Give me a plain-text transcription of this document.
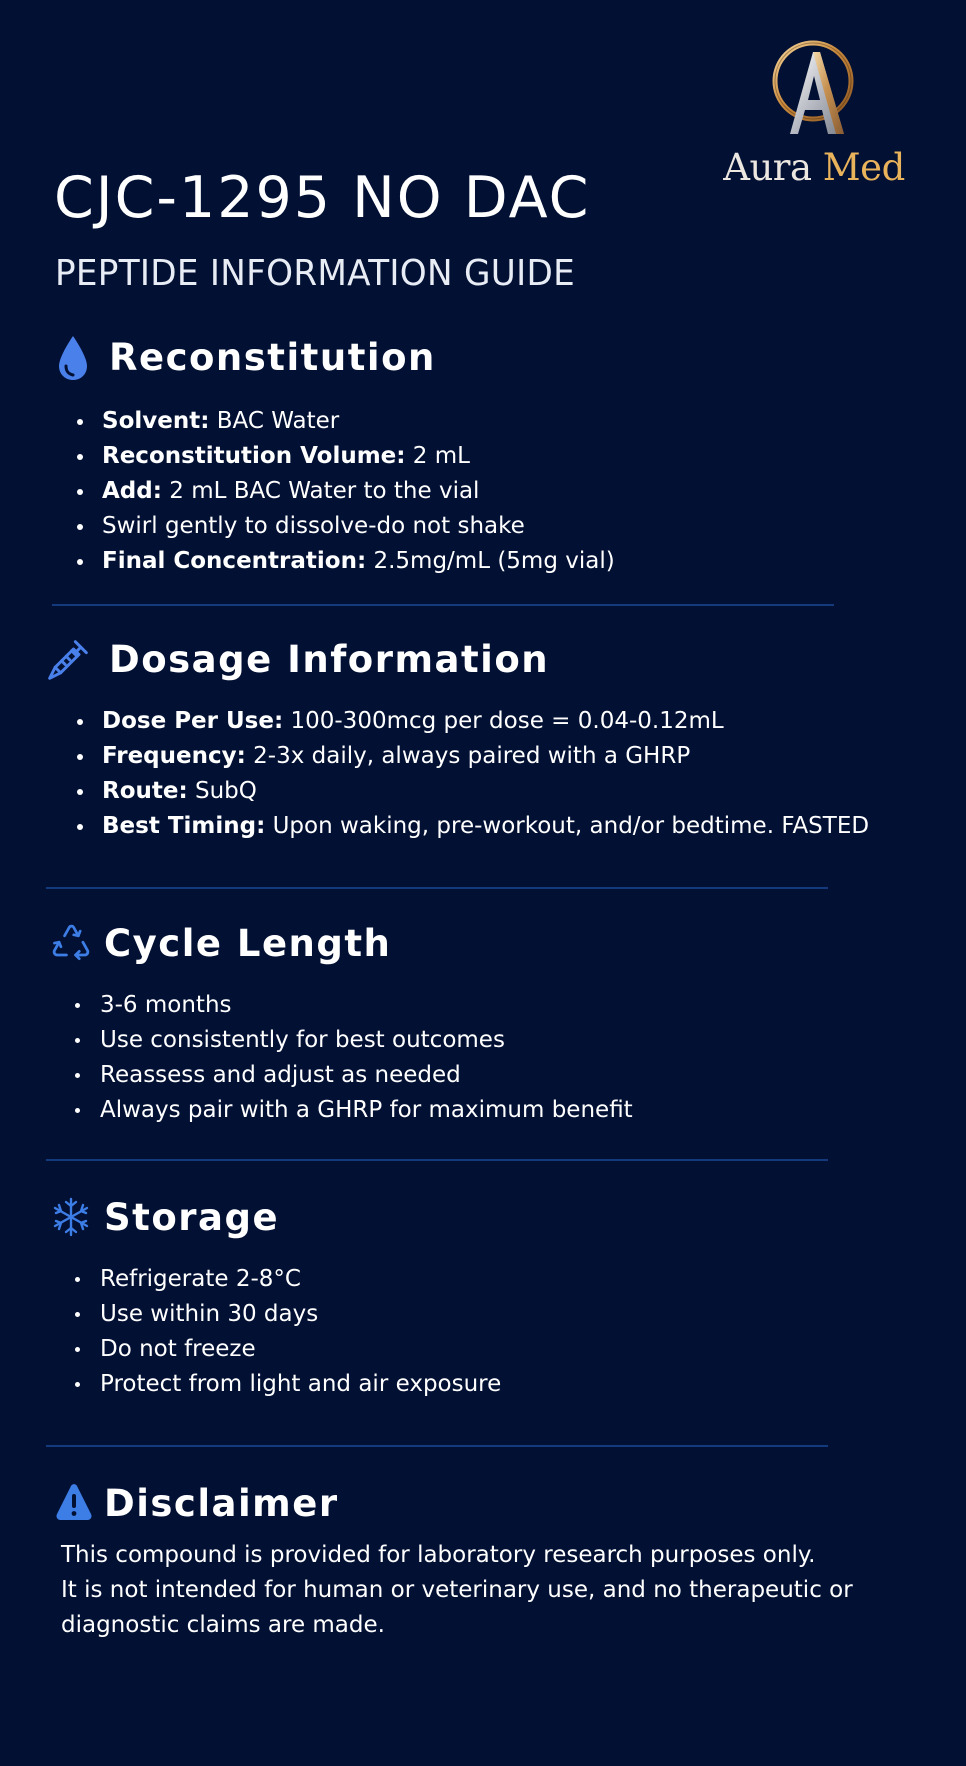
Aura Med
CJC-1295 NO DAC
PEPTIDE INFORMATION GUIDE
Reconstitution
Solvent: BAC Water
Reconstitution Volume: 2 mL
Add: 2 mL BAC Water to the vial
Swirl gently to dissolve-do not shake
Final Concentration: 2.5mg/mL (5mg vial)
Dosage Information
Dose Per Use: 100-300mcg per dose = 0.04-0.12mL
Frequency: 2-3x daily, always paired with a GHRP
Route: SubQ
Best Timing: Upon waking, pre-workout, and/or bedtime. FASTED
Cycle Length
3-6 months
Use consistently for best outcomes
Reassess and adjust as needed
Always pair with a GHRP for maximum benefit
Storage
Refrigerate 2-8°C
Use within 30 days
Do not freeze
Protect from light and air exposure
Disclaimer
This compound is provided for laboratory research purposes only.
It is not intended for human or veterinary use, and no therapeutic or
diagnostic claims are made.
